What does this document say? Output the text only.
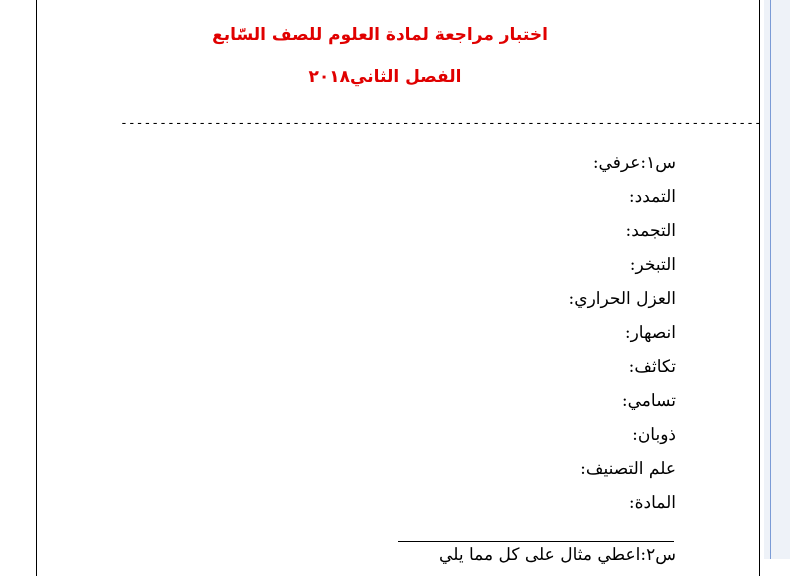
اختبار مراجعة لمادة العلوم للصف السّابع
الفصل الثاني٢٠١٨
----------------------------------------------------------------------------------
س١:عرفي:
التمدد:
التجمد:
التبخر:
العزل الحراري:
انصهار:
تكاثف:
تسامي:
ذوبان:
علم التصنيف:
المادة:
س٢:اعطي مثال على كل مما يلي
